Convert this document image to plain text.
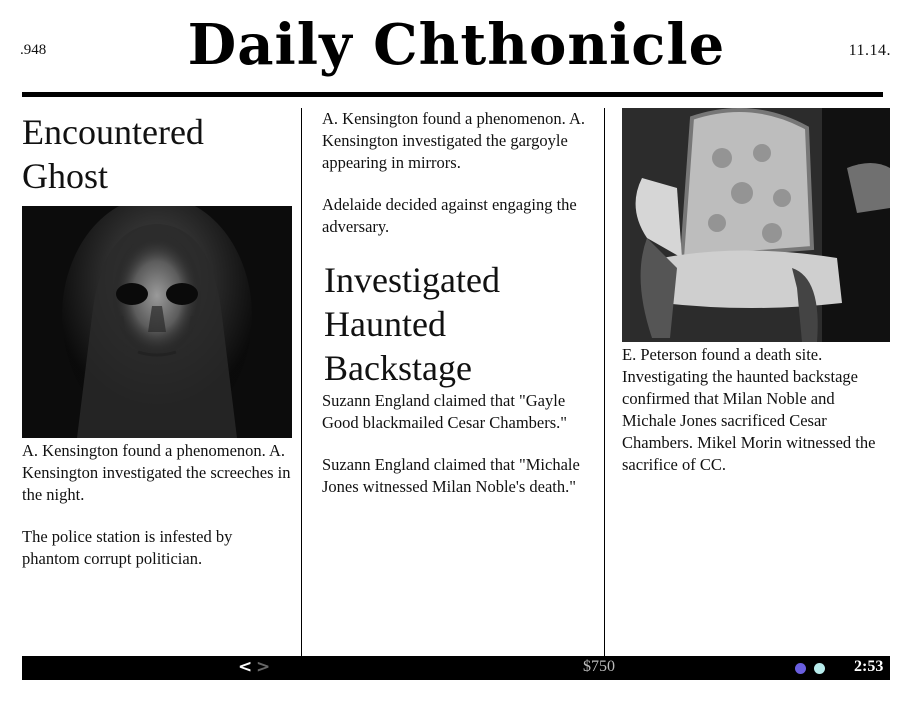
.948	Daily Chthonicle	11.14.
Encountered
Ghost

A. Kensington found a phenomenon. A. Kensington investigated the screeches in the night.

The police station is infested by phantom corrupt politician.

A. Kensington found a phenomenon. A. Kensington investigated the gargoyle appearing in mirrors.

Adelaide decided against engaging the adversary.

Investigated
Haunted
Backstage

Suzann England claimed that "Gayle Good blackmailed Cesar Chambers."

Suzann England claimed that "Michale Jones witnessed Milan Noble's death."

E. Peterson found a death site. Investigating the haunted backstage confirmed that Milan Noble and Michale Jones sacrificed Cesar Chambers. Mikel Morin witnessed the sacrifice of CC.

< >	$750	2:53
